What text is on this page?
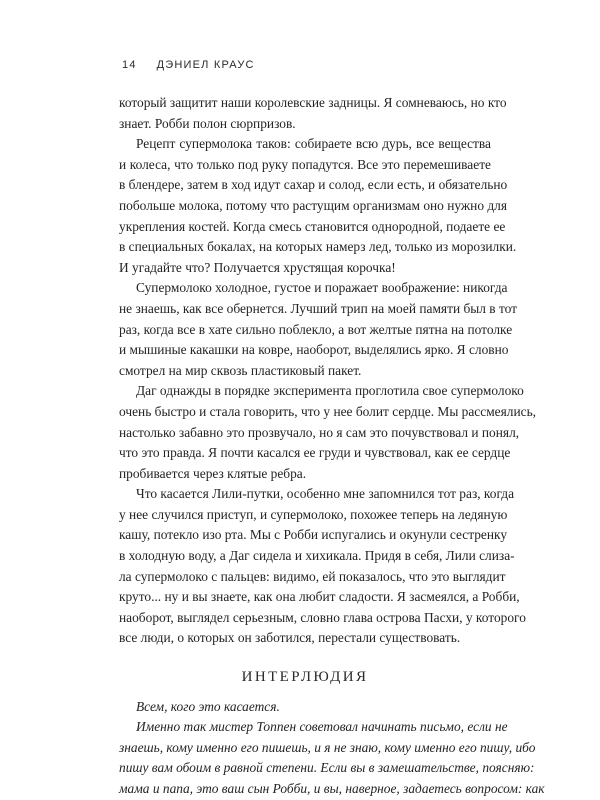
14 ДЭНИЕЛ КРАУС
который защитит наши королевские задницы. Я сомневаюсь, но кто
знает. Робби полон сюрпризов.
Рецепт супермолока таков: собираете всю дурь, все вещества
и колеса, что только под руку попадутся. Все это перемешиваете
в блендере, затем в ход идут сахар и солод, если есть, и обязательно
побольше молока, потому что растущим организмам оно нужно для
укрепления костей. Когда смесь становится однородной, подаете ее
в специальных бокалах, на которых намерз лед, только из морозилки.
И угадайте что? Получается хрустящая корочка!
Супермолоко холодное, густое и поражает воображение: никогда
не знаешь, как все обернется. Лучший трип на моей памяти был в тот
раз, когда все в хате сильно поблекло, а вот желтые пятна на потолке
и мышиные какашки на ковре, наоборот, выделялись ярко. Я словно
смотрел на мир сквозь пластиковый пакет.
Даг однажды в порядке эксперимента проглотила свое супермолоко
очень быстро и стала говорить, что у нее болит сердце. Мы рассмеялись,
настолько забавно это прозвучало, но я сам это почувствовал и понял,
что это правда. Я почти касался ее груди и чувствовал, как ее сердце
пробивается через клятые ребра.
Что касается Лили-путки, особенно мне запомнился тот раз, когда
у нее случился приступ, и супермолоко, похожее теперь на ледяную
кашу, потекло изо рта. Мы с Робби испугались и окунули сестренку
в холодную воду, а Даг сидела и хихикала. Придя в себя, Лили слиза-
ла супермолоко с пальцев: видимо, ей показалось, что это выглядит
круто... ну и вы знаете, как она любит сладости. Я засмеялся, а Робби,
наоборот, выглядел серьезным, словно глава острова Пасхи, у которого
все люди, о которых он заботился, перестали существовать.
ИНТЕРЛЮДИЯ
Всем, кого это касается.
Именно так мистер Топпен советовал начинать письмо, если не
знаешь, кому именно его пишешь, и я не знаю, кому именно его пишу, ибо
пишу вам обоим в равной степени. Если вы в замешательстве, поясняю:
мама и папа, это ваш сын Робби, и вы, наверное, задаетесь вопросом: как
